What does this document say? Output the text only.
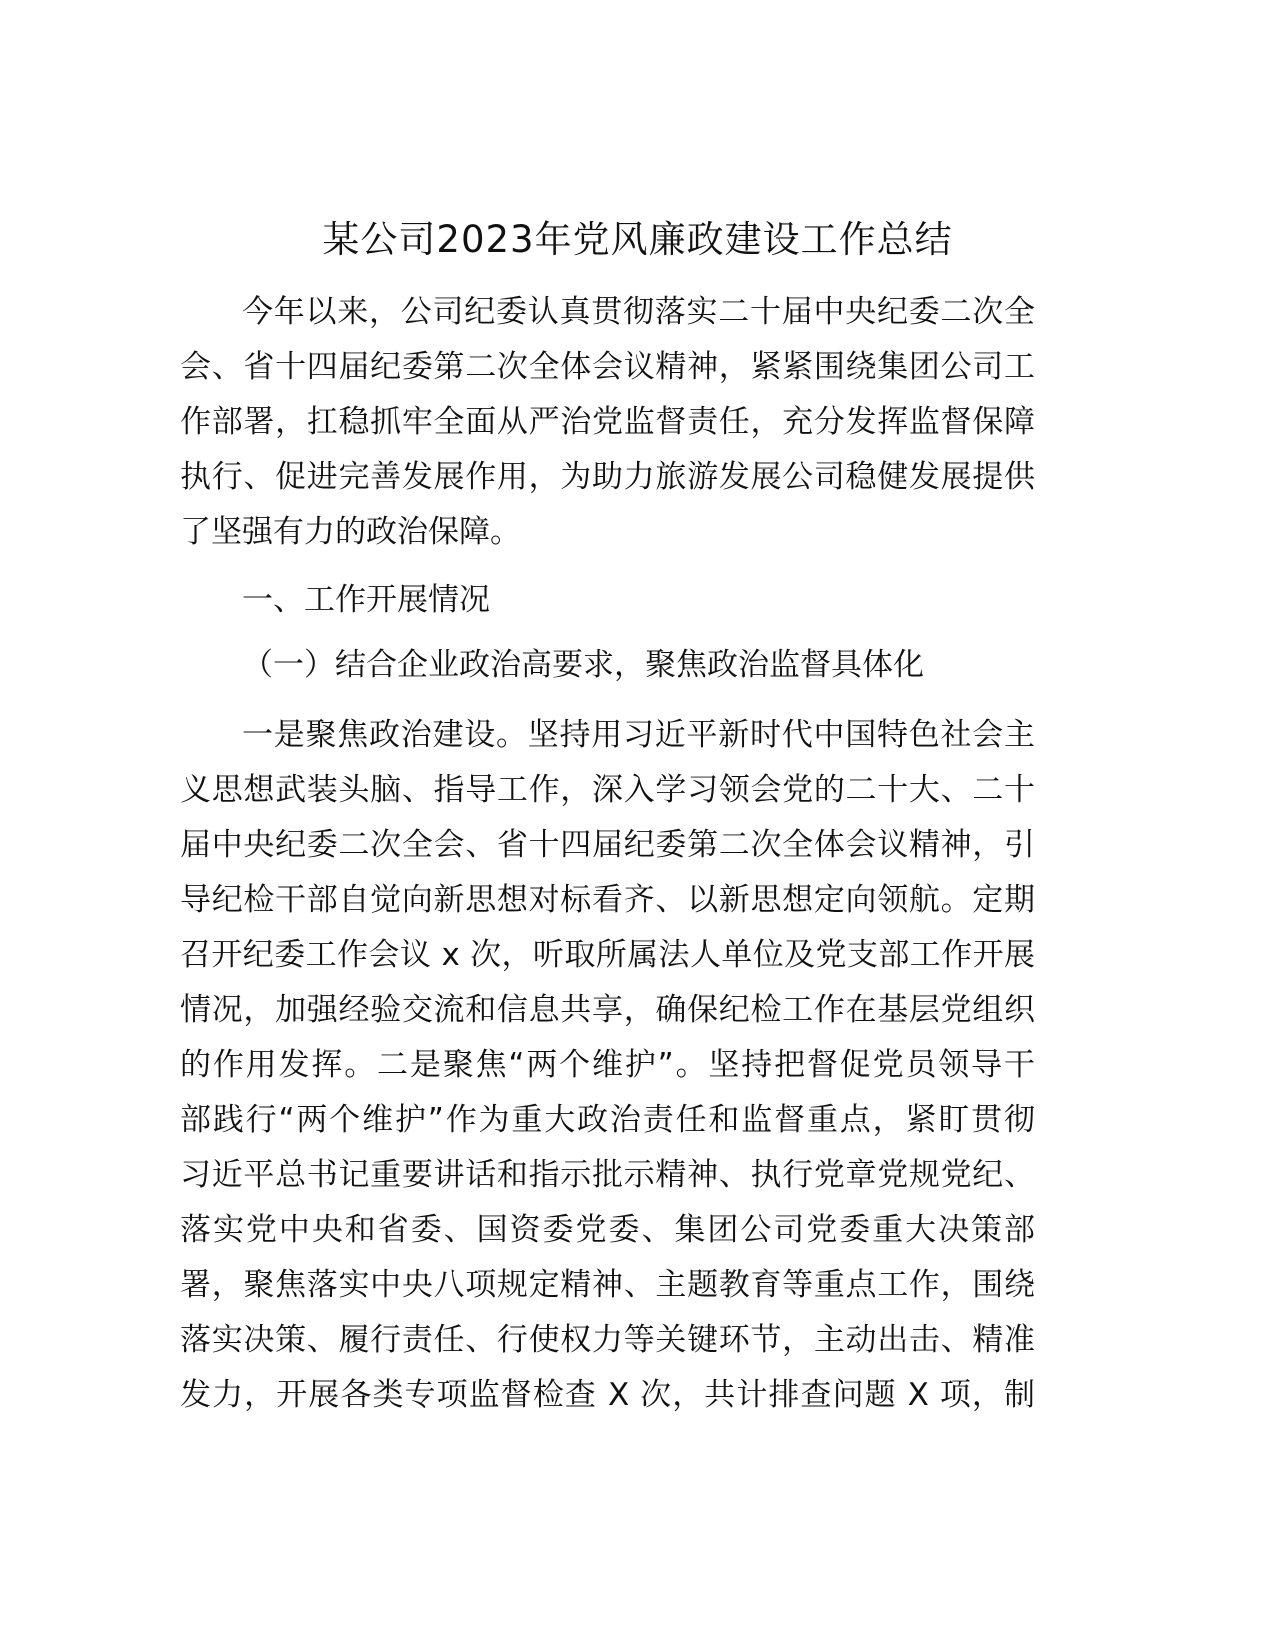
某公司2023年党风廉政建设工作总结
今年以来，公司纪委认真贯彻落实二十届中央纪委二次全
会、省十四届纪委第二次全体会议精神，紧紧围绕集团公司工
作部署，扛稳抓牢全面从严治党监督责任，充分发挥监督保障
执行、促进完善发展作用，为助力旅游发展公司稳健发展提供
了坚强有力的政治保障。
一、工作开展情况
（一）结合企业政治高要求，聚焦政治监督具体化
一是聚焦政治建设。坚持用习近平新时代中国特色社会主
义思想武装头脑、指导工作，深入学习领会党的二十大、二十
届中央纪委二次全会、省十四届纪委第二次全体会议精神，引
导纪检干部自觉向新思想对标看齐、以新思想定向领航。定期
召开纪委工作会议 x 次，听取所属法人单位及党支部工作开展
情况，加强经验交流和信息共享，确保纪检工作在基层党组织
的作用发挥。二是聚焦“两个维护”。坚持把督促党员领导干
部践行“两个维护”作为重大政治责任和监督重点，紧盯贯彻
习近平总书记重要讲话和指示批示精神、执行党章党规党纪、
落实党中央和省委、国资委党委、集团公司党委重大决策部
署，聚焦落实中央八项规定精神、主题教育等重点工作，围绕
落实决策、履行责任、行使权力等关键环节，主动出击、精准
发力，开展各类专项监督检查 X 次，共计排查问题 X 项，制
